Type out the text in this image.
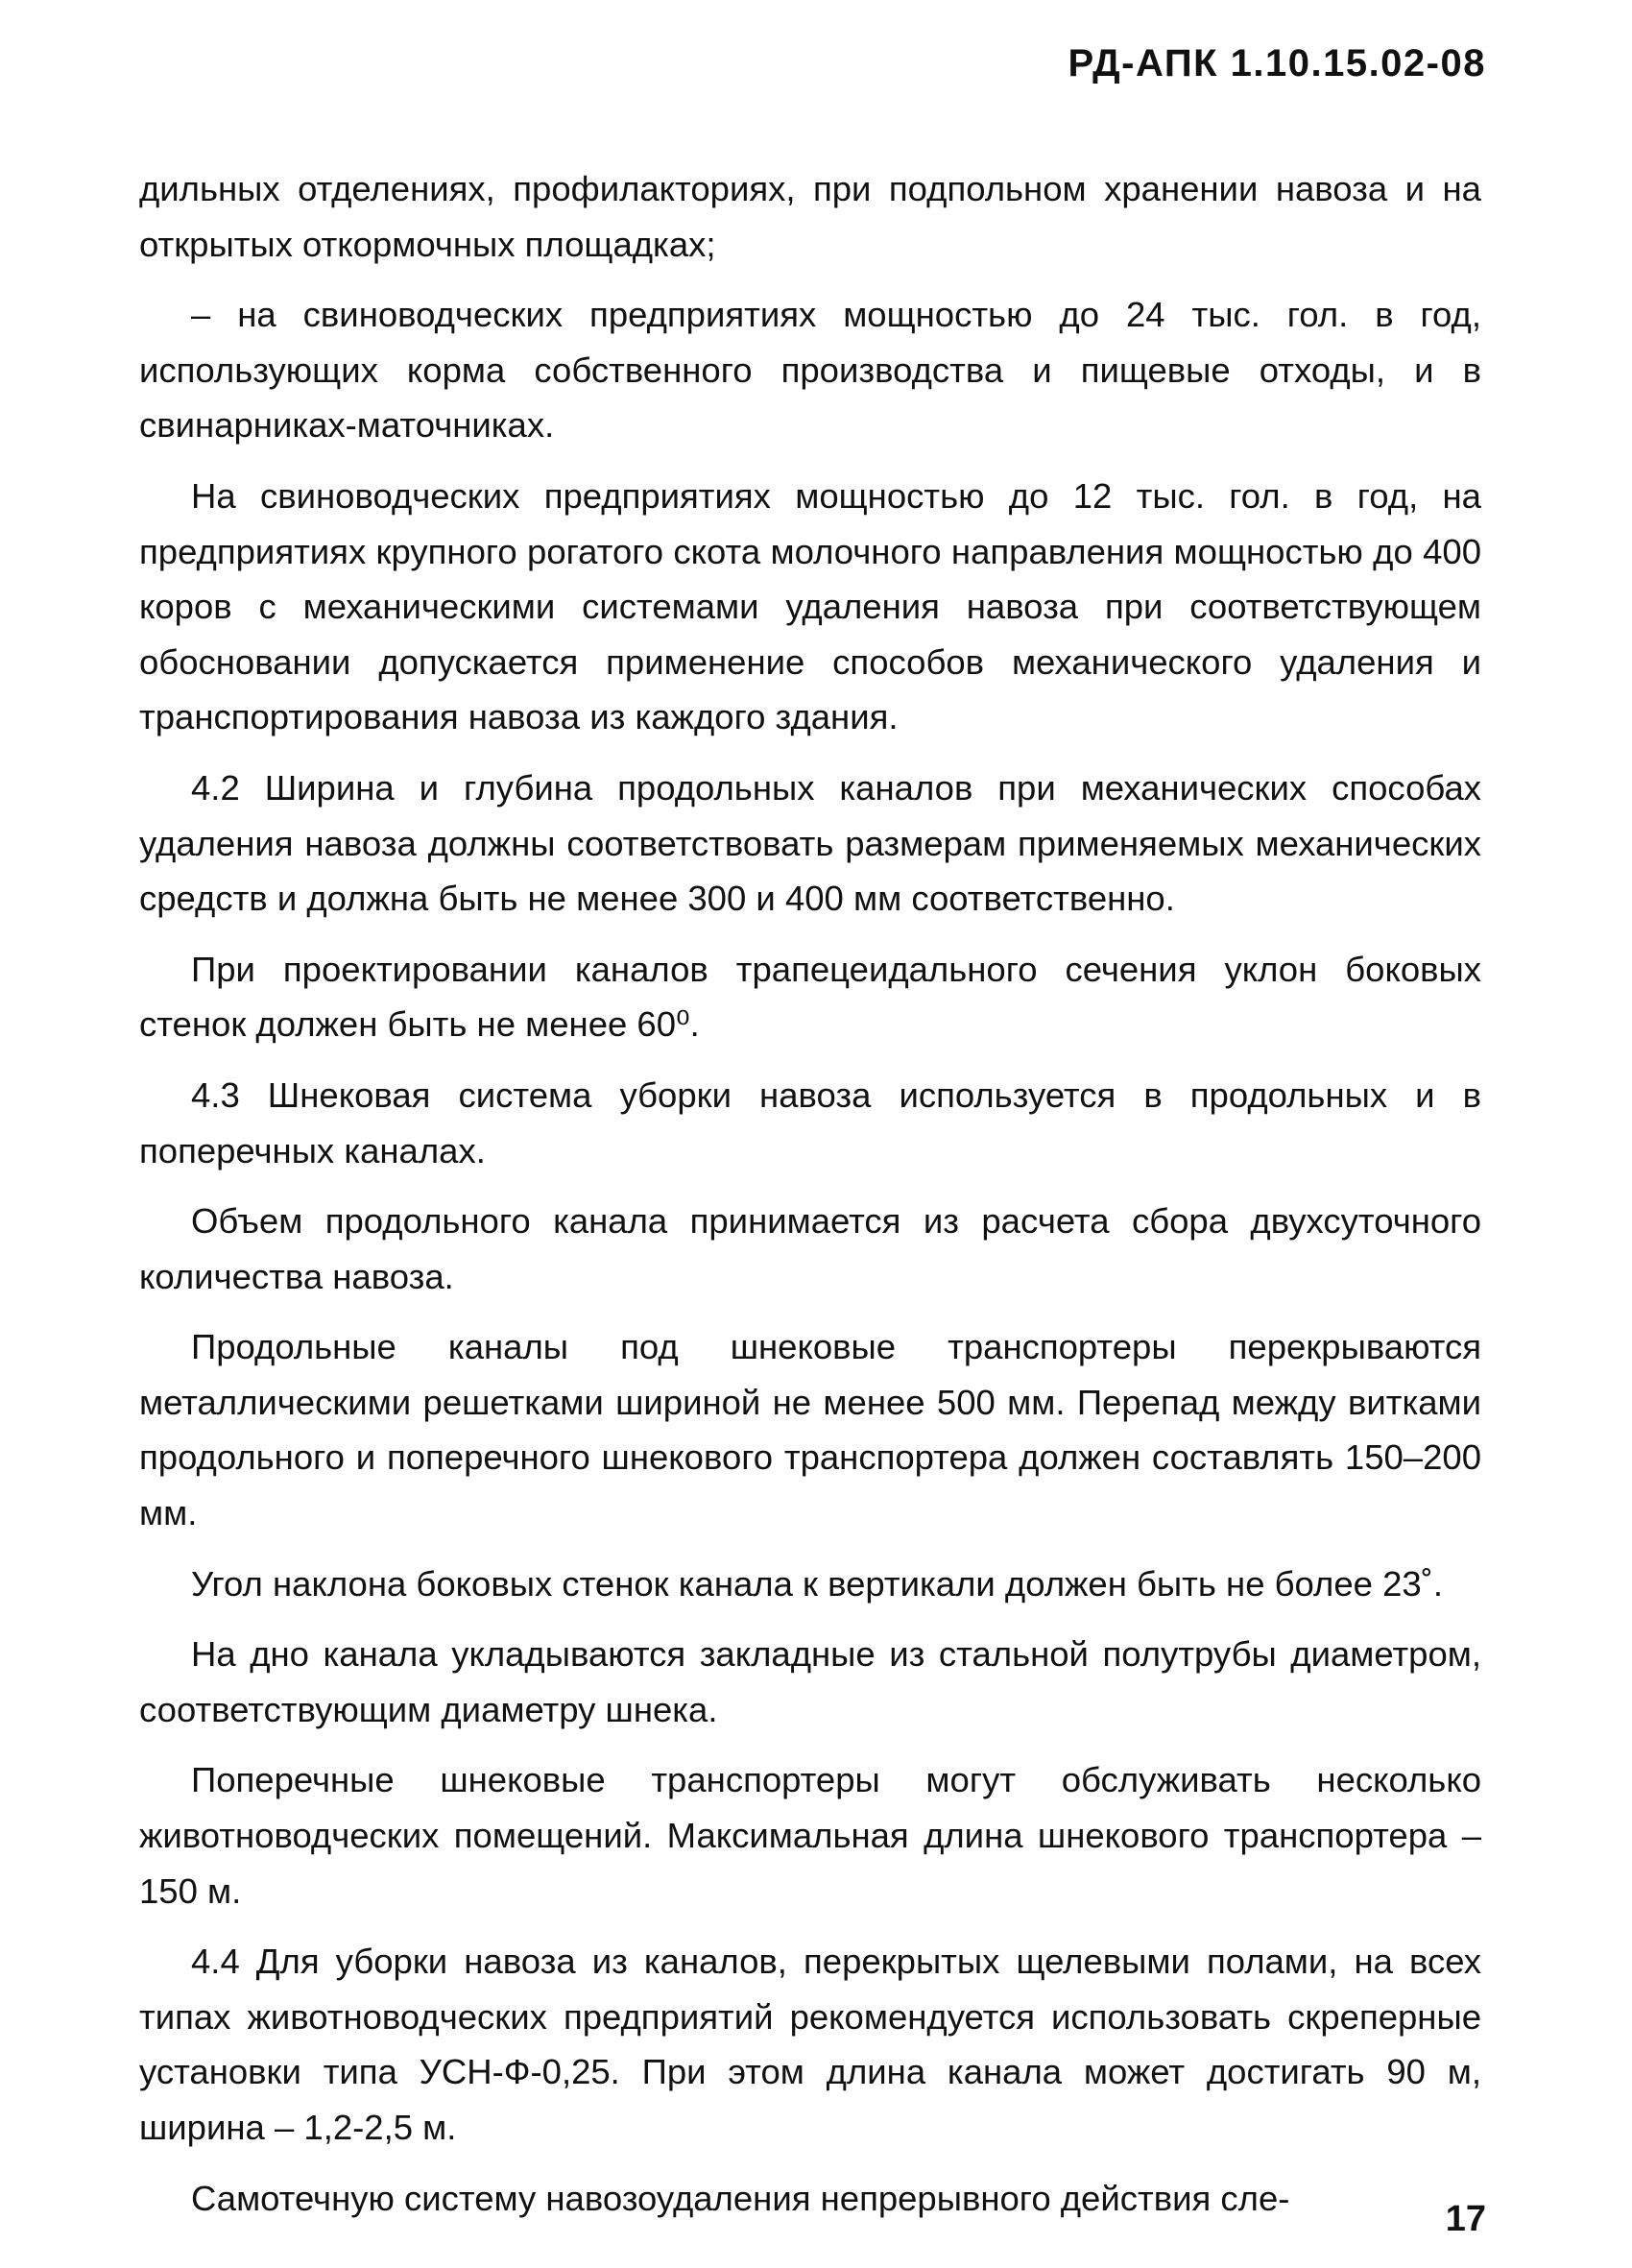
РД-АПК 1.10.15.02-08

дильных отделениях, профилакториях, при подпольном хранении навоза и на открытых откормочных площадках;

– на свиноводческих предприятиях мощностью до 24 тыс. гол. в год, использующих корма собственного производства и пищевые отходы, и в свинарниках-маточниках.

На свиноводческих предприятиях мощностью до 12 тыс. гол. в год, на предприятиях крупного рогатого скота молочного направления мощностью до 400 коров с механическими системами удаления навоза при соответствующем обосновании допускается применение способов механического удаления и транспортирования навоза из каждого здания.

4.2 Ширина и глубина продольных каналов при механических способах удаления навоза должны соответствовать размерам применяемых механических средств и должна быть не менее 300 и 400 мм соответственно.

При проектировании каналов трапецеидального сечения уклон боковых стенок должен быть не менее 60⁰.

4.3 Шнековая система уборки навоза используется в продольных и в поперечных каналах.

Объем продольного канала принимается из расчета сбора двухсуточного количества навоза.

Продольные каналы под шнековые транспортеры перекрываются металлическими решетками шириной не менее 500 мм. Перепад между витками продольного и поперечного шнекового транспортера должен составлять 150–200 мм.

Угол наклона боковых стенок канала к вертикали должен быть не более 23˚.

На дно канала укладываются закладные из стальной полутрубы диаметром, соответствующим диаметру шнека.

Поперечные шнековые транспортеры могут обслуживать несколько животноводческих помещений. Максимальная длина шнекового транспортера – 150 м.

4.4 Для уборки навоза из каналов, перекрытых щелевыми полами, на всех типах животноводческих предприятий рекомендуется использовать скреперные установки типа УСН-Ф-0,25. При этом длина канала может достигать 90 м, ширина – 1,2-2,5 м.

Самотечную систему навозоудаления непрерывного действия сле-

17
